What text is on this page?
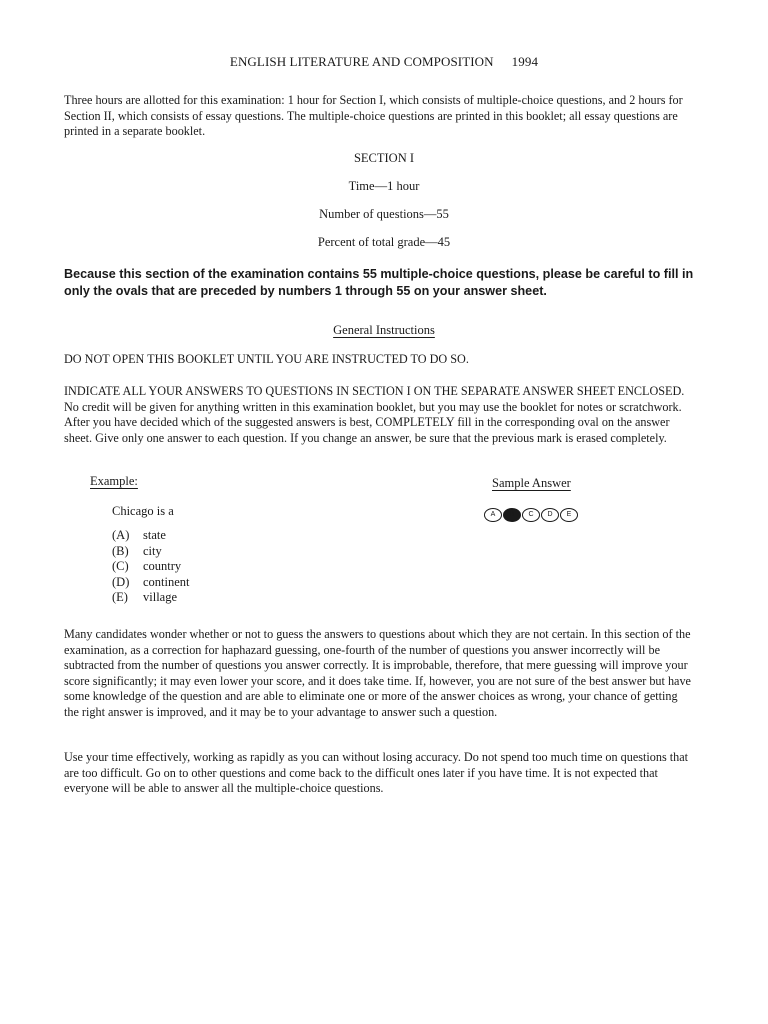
ENGLISH LITERATURE AND COMPOSITION 1994
Three hours are allotted for this examination: 1 hour for Section I, which consists of multiple-choice questions, and 2 hours for Section II, which consists of essay questions. The multiple-choice questions are printed in this booklet; all essay questions are printed in a separate booklet.
SECTION I
Time—1 hour
Number of questions—55
Percent of total grade—45
Because this section of the examination contains 55 multiple-choice questions, please be careful to fill in only the ovals that are preceded by numbers 1 through 55 on your answer sheet.
General Instructions
DO NOT OPEN THIS BOOKLET UNTIL YOU ARE INSTRUCTED TO DO SO.
INDICATE ALL YOUR ANSWERS TO QUESTIONS IN SECTION I ON THE SEPARATE ANSWER SHEET ENCLOSED. No credit will be given for anything written in this examination booklet, but you may use the booklet for notes or scratchwork. After you have decided which of the suggested answers is best, COMPLETELY fill in the corresponding oval on the answer sheet. Give only one answer to each question. If you change an answer, be sure that the previous mark is erased completely.
Example:	Sample Answer
Chicago is a
(A) state
(B) city
(C) country
(D) continent
(E) village
A	B	C	D	E
Many candidates wonder whether or not to guess the answers to questions about which they are not certain. In this section of the examination, as a correction for haphazard guessing, one-fourth of the number of questions you answer incorrectly will be subtracted from the number of questions you answer correctly. It is improbable, therefore, that mere guessing will improve your score significantly; it may even lower your score, and it does take time. If, however, you are not sure of the best answer but have some knowledge of the question and are able to eliminate one or more of the answer choices as wrong, your chance of getting the right answer is improved, and it may be to your advantage to answer such a question.
Use your time effectively, working as rapidly as you can without losing accuracy. Do not spend too much time on questions that are too difficult. Go on to other questions and come back to the difficult ones later if you have time. It is not expected that everyone will be able to answer all the multiple-choice questions.
